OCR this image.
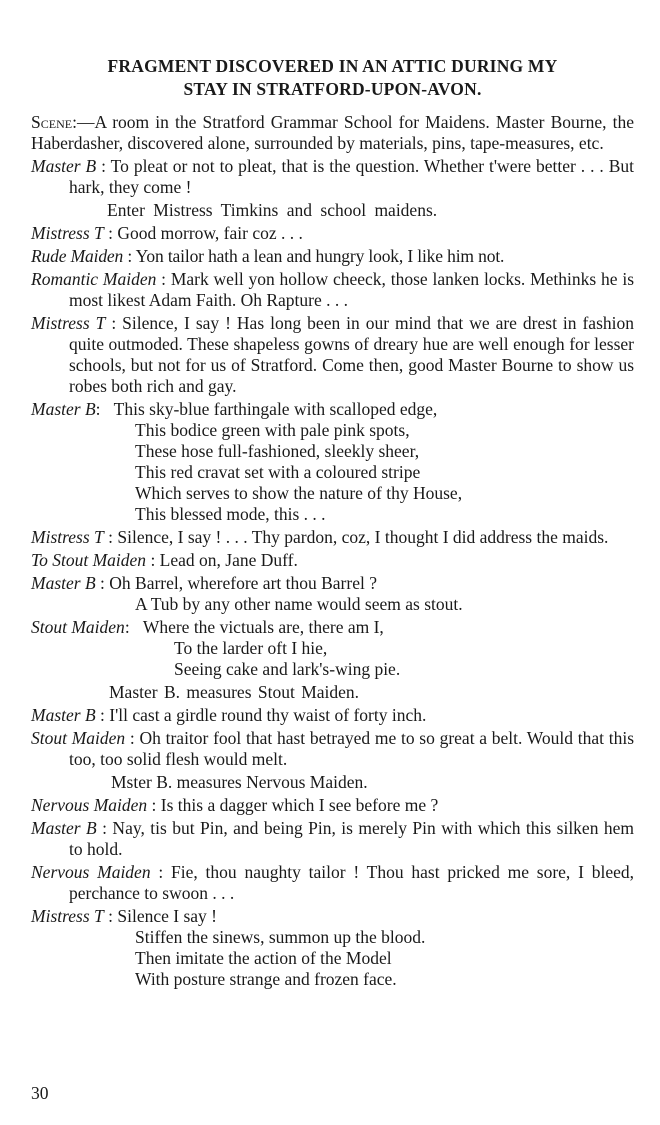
FRAGMENT DISCOVERED IN AN ATTIC DURING MY
STAY IN STRATFORD-UPON-AVON.
Scene:—A room in the Stratford Grammar School for Maidens. Master Bourne, the Haberdasher, discovered alone, surrounded by materials, pins, tape-measures, etc.
Master B : To pleat or not to pleat, that is the question. Whether t'were better . . . But hark, they come !
Enter Mistress Timkins and school maidens.
Mistress T : Good morrow, fair coz . . .
Rude Maiden : Yon tailor hath a lean and hungry look, I like him not.
Romantic Maiden : Mark well yon hollow cheeck, those lanken locks. Methinks he is most likest Adam Faith. Oh Rapture . . .
Mistress T : Silence, I say ! Has long been in our mind that we are drest in fashion quite outmoded. These shapeless gowns of dreary hue are well enough for lesser schools, but not for us of Stratford. Come then, good Master Bourne to show us robes both rich and gay.
Master B: This sky-blue farthingale with scalloped edge,
This bodice green with pale pink spots,
These hose full-fashioned, sleekly sheer,
This red cravat set with a coloured stripe
Which serves to show the nature of thy House,
This blessed mode, this . . .
Mistress T : Silence, I say ! . . . Thy pardon, coz, I thought I did address the maids.
To Stout Maiden : Lead on, Jane Duff.
Master B : Oh Barrel, wherefore art thou Barrel ?
A Tub by any other name would seem as stout.
Stout Maiden: Where the victuals are, there am I,
To the larder oft I hie,
Seeing cake and lark's-wing pie.
Master B. measures Stout Maiden.
Master B : I'll cast a girdle round thy waist of forty inch.
Stout Maiden : Oh traitor fool that hast betrayed me to so great a belt. Would that this too, too solid flesh would melt.
Mster B. measures Nervous Maiden.
Nervous Maiden : Is this a dagger which I see before me ?
Master B : Nay, tis but Pin, and being Pin, is merely Pin with which this silken hem to hold.
Nervous Maiden : Fie, thou naughty tailor ! Thou hast pricked me sore, I bleed, perchance to swoon . . .
Mistress T : Silence I say !
Stiffen the sinews, summon up the blood.
Then imitate the action of the Model
With posture strange and frozen face.
30
